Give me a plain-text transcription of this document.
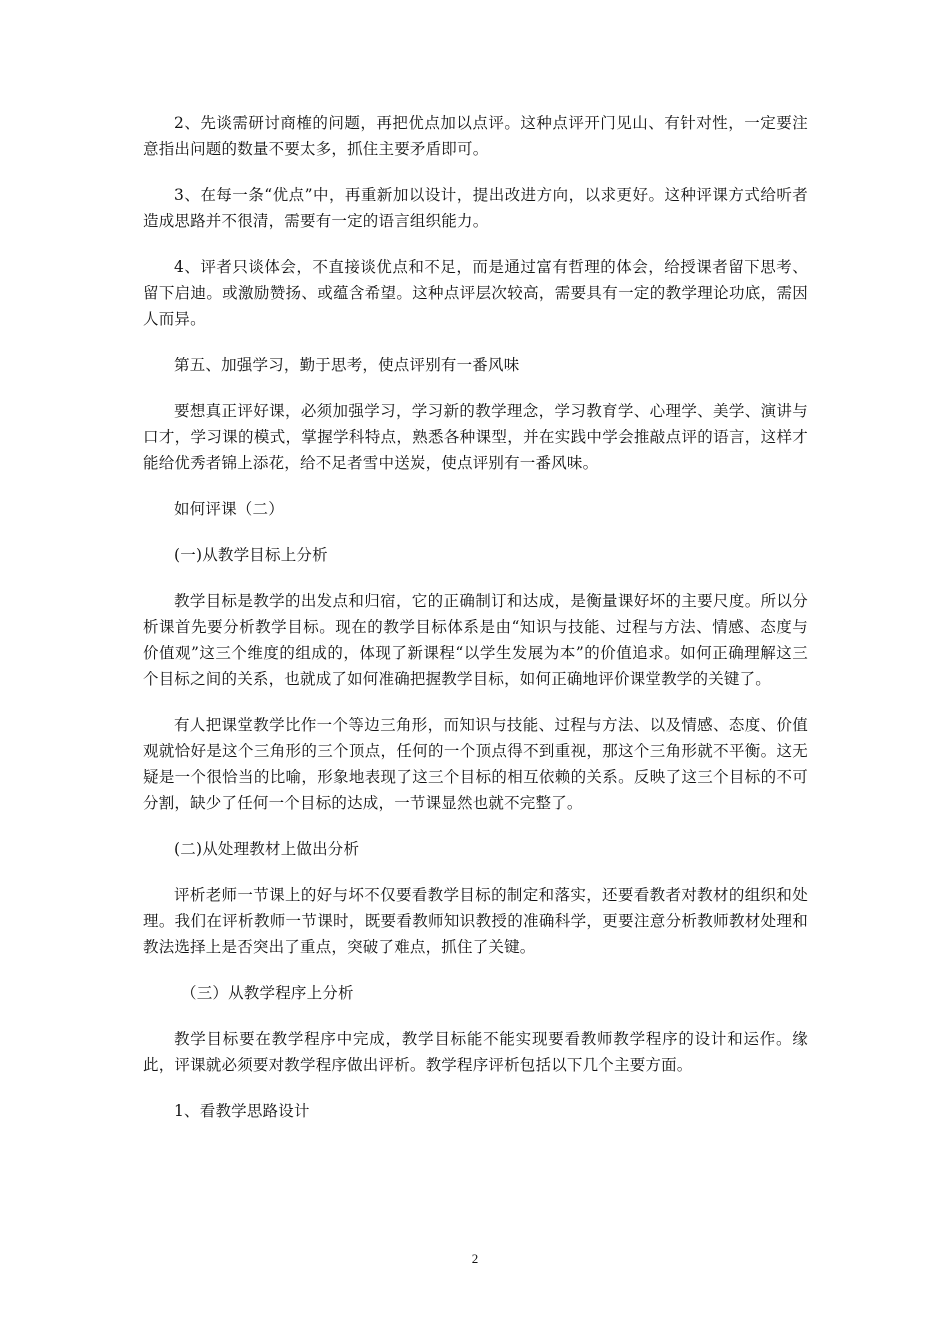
2、先谈需研讨商榷的问题，再把优点加以点评。这种点评开门见山、有针对性，一定要注意指出问题的数量不要太多，抓住主要矛盾即可。

3、在每一条“优点”中，再重新加以设计，提出改进方向，以求更好。这种评课方式给听者造成思路并不很清，需要有一定的语言组织能力。

4、评者只谈体会，不直接谈优点和不足，而是通过富有哲理的体会，给授课者留下思考、留下启迪。或激励赞扬、或蕴含希望。这种点评层次较高，需要具有一定的教学理论功底，需因人而异。

第五、加强学习，勤于思考，使点评别有一番风味

要想真正评好课，必须加强学习，学习新的教学理念，学习教育学、心理学、美学、演讲与口才，学习课的模式，掌握学科特点，熟悉各种课型，并在实践中学会推敲点评的语言，这样才能给优秀者锦上添花，给不足者雪中送炭，使点评别有一番风味。

如何评课（二）

(一)从教学目标上分析

教学目标是教学的出发点和归宿，它的正确制订和达成，是衡量课好坏的主要尺度。所以分析课首先要分析教学目标。现在的教学目标体系是由“知识与技能、过程与方法、情感、态度与价值观”这三个维度的组成的，体现了新课程“以学生发展为本”的价值追求。如何正确理解这三个目标之间的关系，也就成了如何准确把握教学目标，如何正确地评价课堂教学的关键了。

有人把课堂教学比作一个等边三角形，而知识与技能、过程与方法、以及情感、态度、价值观就恰好是这个三角形的三个顶点，任何的一个顶点得不到重视，那这个三角形就不平衡。这无疑是一个很恰当的比喻，形象地表现了这三个目标的相互依赖的关系。反映了这三个目标的不可分割，缺少了任何一个目标的达成，一节课显然也就不完整了。

(二)从处理教材上做出分析

评析老师一节课上的好与坏不仅要看教学目标的制定和落实，还要看教者对教材的组织和处理。我们在评析教师一节课时，既要看教师知识教授的准确科学，更要注意分析教师教材处理和教法选择上是否突出了重点，突破了难点，抓住了关键。

（三）从教学程序上分析

教学目标要在教学程序中完成，教学目标能不能实现要看教师教学程序的设计和运作。缘此，评课就必须要对教学程序做出评析。教学程序评析包括以下几个主要方面。

1、看教学思路设计

2
